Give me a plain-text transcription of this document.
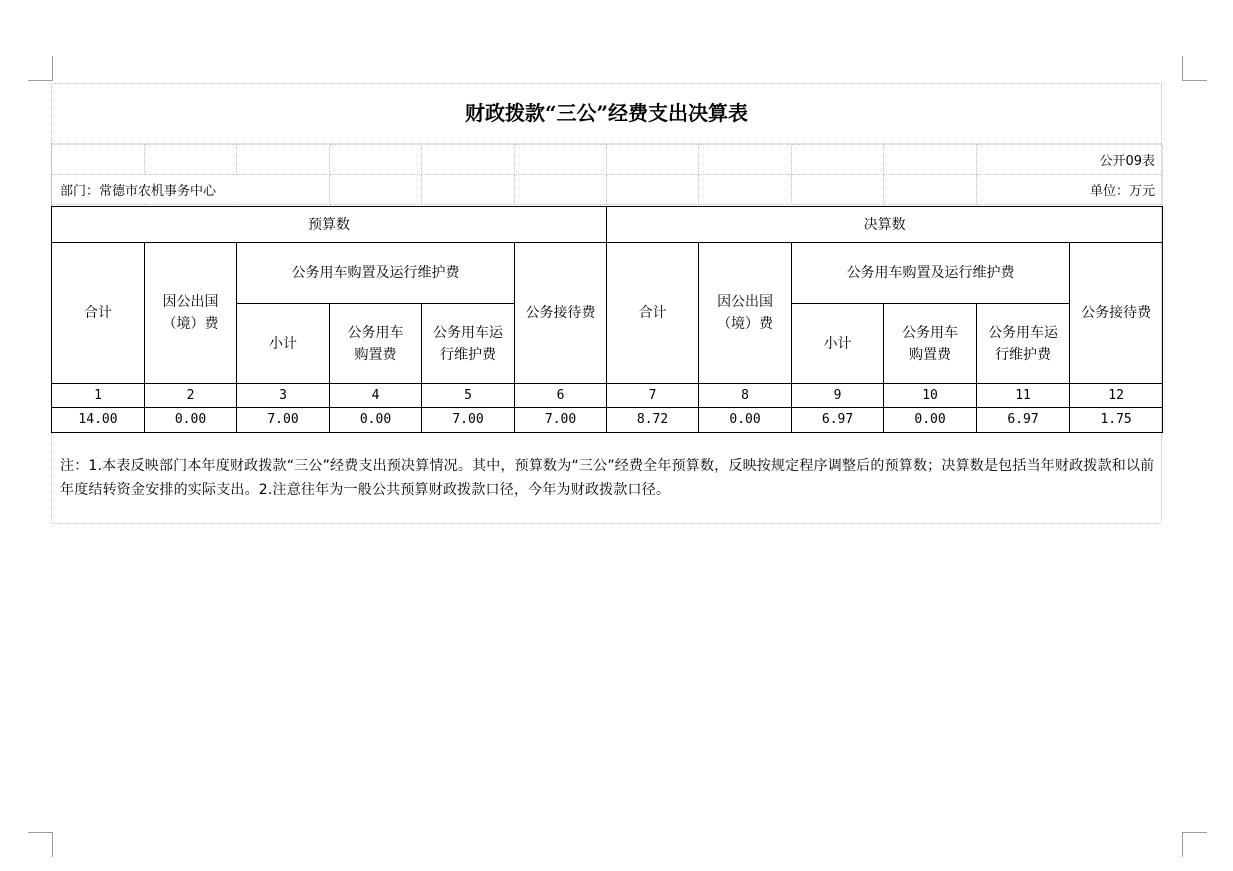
财政拨款“三公”经费支出决算表
										公开09表
部门：常德市农机事务中心										单位：万元
预算数						决算数					
合计	因公出国（境）费	公务用车购置及运行维护费			公务接待费	合计	因公出国（境）费	公务用车购置及运行维护费			公务接待费
		小计	公务用车购置费	公务用车运行维护费				小计	公务用车购置费	公务用车运行维护费	
1	2	3	4	5	6	7	8	9	10	11	12
14.00	0.00	7.00	0.00	7.00	7.00	8.72	0.00	6.97	0.00	6.97	1.75
注：1.本表反映部门本年度财政拨款“三公”经费支出预决算情况。其中，预算数为“三公”经费全年预算数，反映按规定程序调整后的预算数；决算数是包括当年财政拨款和以前年度结转资金安排的实际支出。2.注意往年为一般公共预算财政拨款口径，今年为财政拨款口径。
